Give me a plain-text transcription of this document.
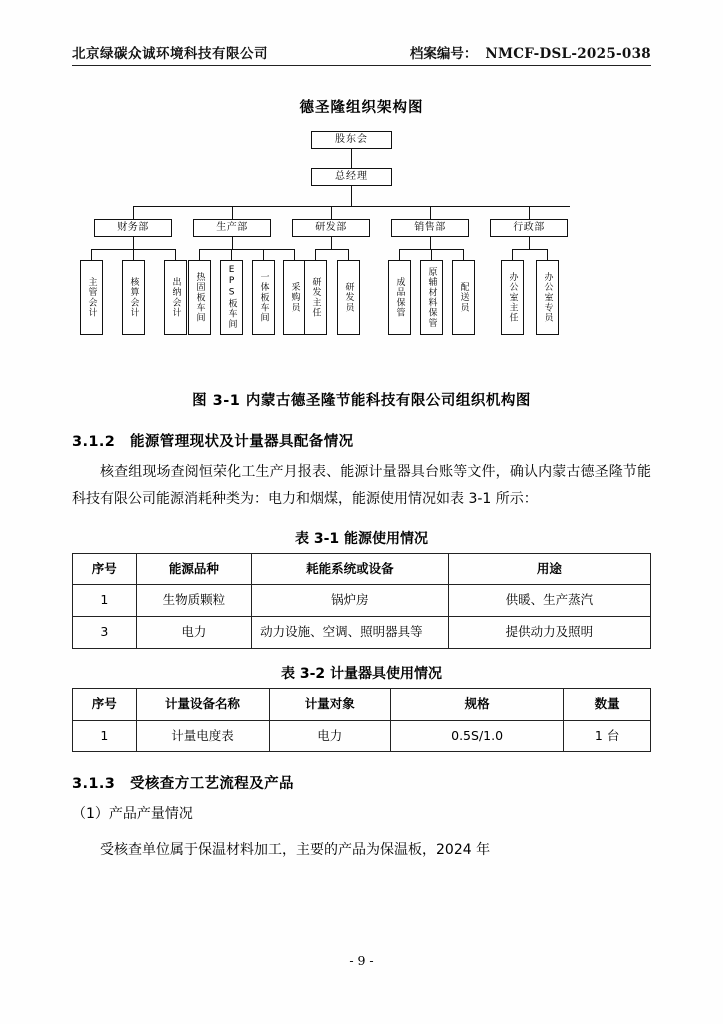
北京绿碳众诚环境科技有限公司	档案编号： NMCF-DSL-2025-038
德圣隆组织架构图
股东会
总经理
财务部	生产部	研发部	销售部	行政部
主管会计	核算会计	出纳会计	热固板车间	EPS板车间	一体板车间	采购员	研发主任	研发员	成品保管	原辅材料保管	配送员	办公室主任	办公室专员
图 3-1 内蒙古德圣隆节能科技有限公司组织机构图
3.1.2 能源管理现状及计量器具配备情况

核查组现场查阅恒荣化工生产月报表、能源计量器具台账等文件，确认内蒙古德圣隆节能科技有限公司能源消耗种类为：电力和烟煤，能源使用情况如表 3-1 所示：

表 3-1 能源使用情况
序号	能源品种	耗能系统或设备	用途
1	生物质颗粒	锅炉房	供暖、生产蒸汽
3	电力	动力设施、空调、照明器具等	提供动力及照明
表 3-2 计量器具使用情况
序号	计量设备名称	计量对象	规格	数量
1	计量电度表	电力	0.5S/1.0	1 台
3.1.3 受核查方工艺流程及产品

（1）产品产量情况

受核查单位属于保温材料加工，主要的产品为保温板，2024 年

- 9 -
